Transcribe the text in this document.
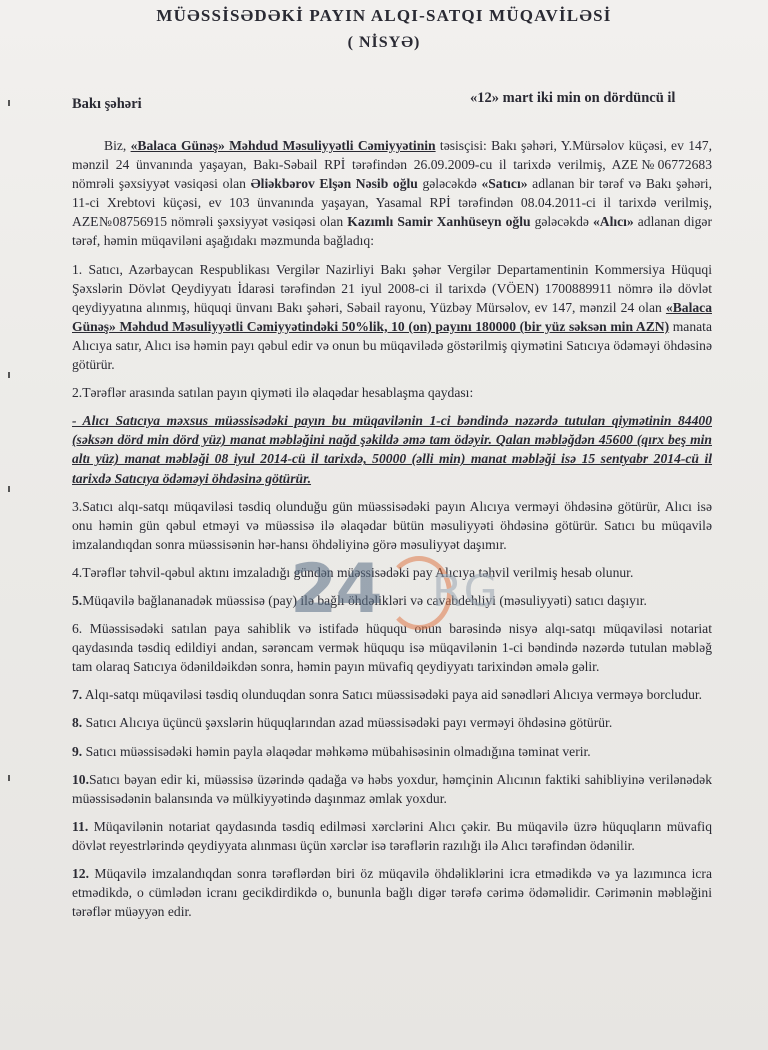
MÜƏSSİSƏDƏKİ PAYIN ALQI-SATQI MÜQAVİLƏSİ
( NİSYƏ)
Bakı şəhəri	«12» mart iki min on dördüncü il

Biz, «Balaca Günəş» Məhdud Məsuliyyətli Cəmiyyətinin təsisçisi: Bakı şəhəri, Y.Mürsəlov küçəsi, ev 147, mənzil 24 ünvanında yaşayan, Bakı-Səbail RPİ tərəfindən 26.09.2009-cu il tarixdə verilmiş, AZE№06772683 nömrəli şəxsiyyət vəsiqəsi olan Əliəkbərov Elşən Nəsib oğlu gələcəkdə «Satıcı» adlanan bir tərəf və Bakı şəhəri, 11-ci Xrebtovi küçəsi, ev 103 ünvanında yaşayan, Yasamal RPİ tərəfindən 08.04.2011-ci il tarixdə verilmiş, AZE№08756915 nömrəli şəxsiyyət vəsiqəsi olan Kazımlı Samir Xanhüseyn oğlu gələcəkdə «Alıcı» adlanan digər tərəf, həmin müqaviləni aşağıdakı məzmunda bağladıq:

1. Satıcı, Azərbaycan Respublikası Vergilər Nazirliyi Bakı şəhər Vergilər Departamentinin Kommersiya Hüquqi Şəxslərin Dövlət Qeydiyyatı İdarəsi tərəfindən 21 iyul 2008-ci il tarixdə (VÖEN) 1700889911 nömrə ilə dövlət qeydiyyatına alınmış, hüquqi ünvanı Bakı şəhəri, Səbail rayonu, Yüzbəy Mürsəlov, ev 147, mənzil 24 olan «Balaca Günəş» Məhdud Məsuliyyətli Cəmiyyətindəki 50%lik, 10 (on) payını 180000 (bir yüz səksən min AZN) manata Alıcıya satır, Alıcı isə həmin payı qəbul edir və onun bu müqavilədə göstərilmiş qiymətini Satıcıya ödəməyi öhdəsinə götürür.

2.Tərəflər arasında satılan payın qiyməti ilə əlaqədar hesablaşma qaydası:

- Alıcı Satıcıya məxsus müəssisədəki payın bu müqavilənin 1-ci bəndində nəzərdə tutulan qiymətinin 84400 (səksən dörd min dörd yüz) manat məbləğini nağd şəkildə əmə tam ödəyir. Qalan məbləğdən 45600 (qırx beş min altı yüz) manat məbləği 08 iyul 2014-cü il tarixdə, 50000 (əlli min) manat məbləği isə 15 sentyabr 2014-cü il tarixdə Satıcıya ödəməyi öhdəsinə götürür.

3.Satıcı alqı-satqı müqaviləsi təsdiq olunduğu gün müəssisədəki payın Alıcıya verməyi öhdəsinə götürür, Alıcı isə onu həmin gün qəbul etməyi və müəssisə ilə əlaqədar bütün məsuliyyəti öhdəsinə götürür. Satıcı bu müqavilə imzalandıqdan sonra müəssisənin hər-hansı öhdəliyinə görə məsuliyyət daşımır.

4.Tərəflər təhvil-qəbul aktını imzaladığı gündən müəssisədəki pay Alıcıya təhvil verilmiş hesab olunur.

5.Müqavilə bağlananadək müəssisə (pay) ilə bağlı öhdəlikləri və cavabdehliyi (məsuliyyəti) satıcı daşıyır.

6. Müəssisədəki satılan paya sahiblik və istifadə hüququ onun barəsində nisyə alqı-satqı müqaviləsi notariat qaydasında təsdiq edildiyi andan, sərəncam vermək hüququ isə müqavilənin 1-ci bəndində nəzərdə tutulan məbləğ tam olaraq Satıcıya ödənildəikdən sonra, həmin payın müvafiq qeydiyyatı tarixindən əmələ gəlir.

7. Alqı-satqı müqaviləsi təsdiq olunduqdan sonra Satıcı müəssisədəki paya aid sənədləri Alıcıya verməyə borcludur.

8. Satıcı Alıcıya üçüncü şəxslərin hüquqlarından azad müəssisədəki payı verməyi öhdəsinə götürür.

9. Satıcı müəssisədəki həmin payla əlaqədar məhkəmə mübahisəsinin olmadığına təminat verir.

10.Satıcı bəyan edir ki, müəssisə üzərində qadağa və həbs yoxdur, həmçinin Alıcının faktiki sahibliyinə verilənədək müəssisədənin balansında və mülkiyyətində daşınmaz əmlak yoxdur.

11. Müqavilənin notariat qaydasında təsdiq edilməsi xərclərini Alıcı çəkir. Bu müqavilə üzrə hüquqların müvafiq dövlət reyestrlərində qeydiyyata alınması üçün xərclər isə tərəflərin razılığı ilə Alıcı tərəfindən ödənilir.

12. Müqavilə imzalandıqdan sonra tərəflərdən biri öz müqavilə öhdəliklərini icra etmədikdə və ya lazımınca icra etmədikdə, o cümlədən icranı gecikdirdikdə o, bununla bağlı digər tərəfə cərimə ödəməlidir. Cərimənin məbləğini tərəflər müəyyən edir.

24 RG
